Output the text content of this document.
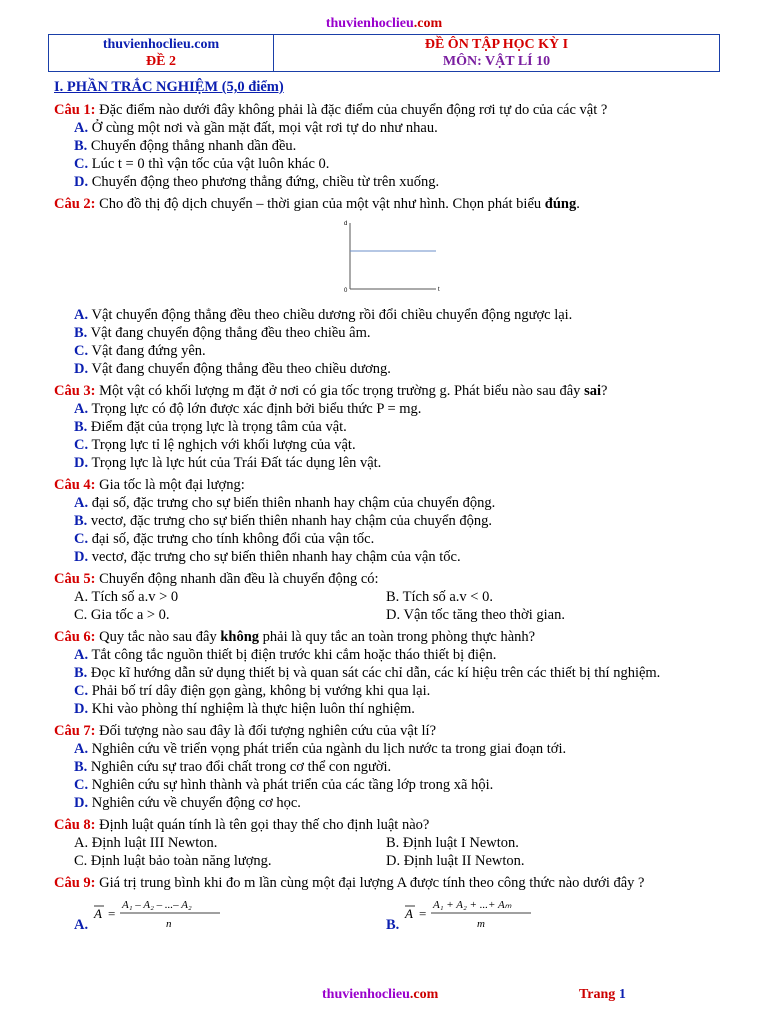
thuvienhoclieu.com
thuvienhoclieu.com
ĐỀ 2

ĐỀ ÔN TẬP HỌC KỲ I
MÔN: VẬT LÍ 10
I. PHẦN TRẮC NGHIỆM (5,0 điểm)
Câu 1: Đặc điểm nào dưới đây không phải là đặc điểm của chuyển động rơi tự do của các vật ?
A. Ở cùng một nơi và gần mặt đất, mọi vật rơi tự do như nhau.
B. Chuyển động thẳng nhanh dần đều.
C. Lúc t = 0 thì vận tốc của vật luôn khác 0.
D. Chuyển động theo phương thẳng đứng, chiều từ trên xuống.
Câu 2: Cho đồ thị độ dịch chuyển – thời gian của một vật như hình. Chọn phát biểu đúng.
d
t
0
A. Vật chuyển động thẳng đều theo chiều dương rồi đổi chiều chuyển động ngược lại.
B. Vật đang chuyển động thẳng đều theo chiều âm.
C. Vật đang đứng yên.
D. Vật đang chuyển động thẳng đều theo chiều dương.
Câu 3: Một vật có khối lượng m đặt ở nơi có gia tốc trọng trường g. Phát biểu nào sau đây sai?
A. Trọng lực có độ lớn được xác định bởi biểu thức P = mg.
B. Điểm đặt của trọng lực là trọng tâm của vật.
C. Trọng lực tỉ lệ nghịch với khối lượng của vật.
D. Trọng lực là lực hút của Trái Đất tác dụng lên vật.
Câu 4: Gia tốc là một đại lượng:
A. đại số, đặc trưng cho sự biến thiên nhanh hay chậm của chuyển động.
B. vectơ, đặc trưng cho sự biến thiên nhanh hay chậm của chuyển động.
C. đại số, đặc trưng cho tính không đổi của vận tốc.
D. vectơ, đặc trưng cho sự biến thiên nhanh hay chậm của vận tốc.
Câu 5: Chuyển động nhanh dần đều là chuyển động có:
A. Tích số a.v > 0	B. Tích số a.v < 0.
C. Gia tốc a > 0.	D. Vận tốc tăng theo thời gian.
Câu 6: Quy tắc nào sau đây không phải là quy tắc an toàn trong phòng thực hành?
A. Tắt công tắc nguồn thiết bị điện trước khi cắm hoặc tháo thiết bị điện.
B. Đọc kĩ hướng dẫn sử dụng thiết bị và quan sát các chỉ dẫn, các kí hiệu trên các thiết bị thí nghiệm.
C. Phải bố trí dây điện gọn gàng, không bị vướng khi qua lại.
D. Khi vào phòng thí nghiệm là thực hiện luôn thí nghiệm.
Câu 7: Đối tượng nào sau đây là đối tượng nghiên cứu của vật lí?
A. Nghiên cứu về triển vọng phát triển của ngành du lịch nước ta trong giai đoạn tới.
B. Nghiên cứu sự trao đổi chất trong cơ thể con người.
C. Nghiên cứu sự hình thành và phát triển của các tầng lớp trong xã hội.
D. Nghiên cứu về chuyển động cơ học.
Câu 8: Định luật quán tính là tên gọi thay thế cho định luật nào?
A. Định luật III Newton.	B. Định luật I Newton.
C. Định luật bảo toàn năng lượng.	D. Định luật II Newton.
Câu 9: Giá trị trung bình khi đo m lần cùng một đại lượng A được tính theo công thức nào dưới đây ?
A.
A =
A₁ – A₂ – ...– A₂
n	B.
A =
A₁ + A₂ + ...+ Aₘ
m
thuvienhoclieu.com	Trang 1
